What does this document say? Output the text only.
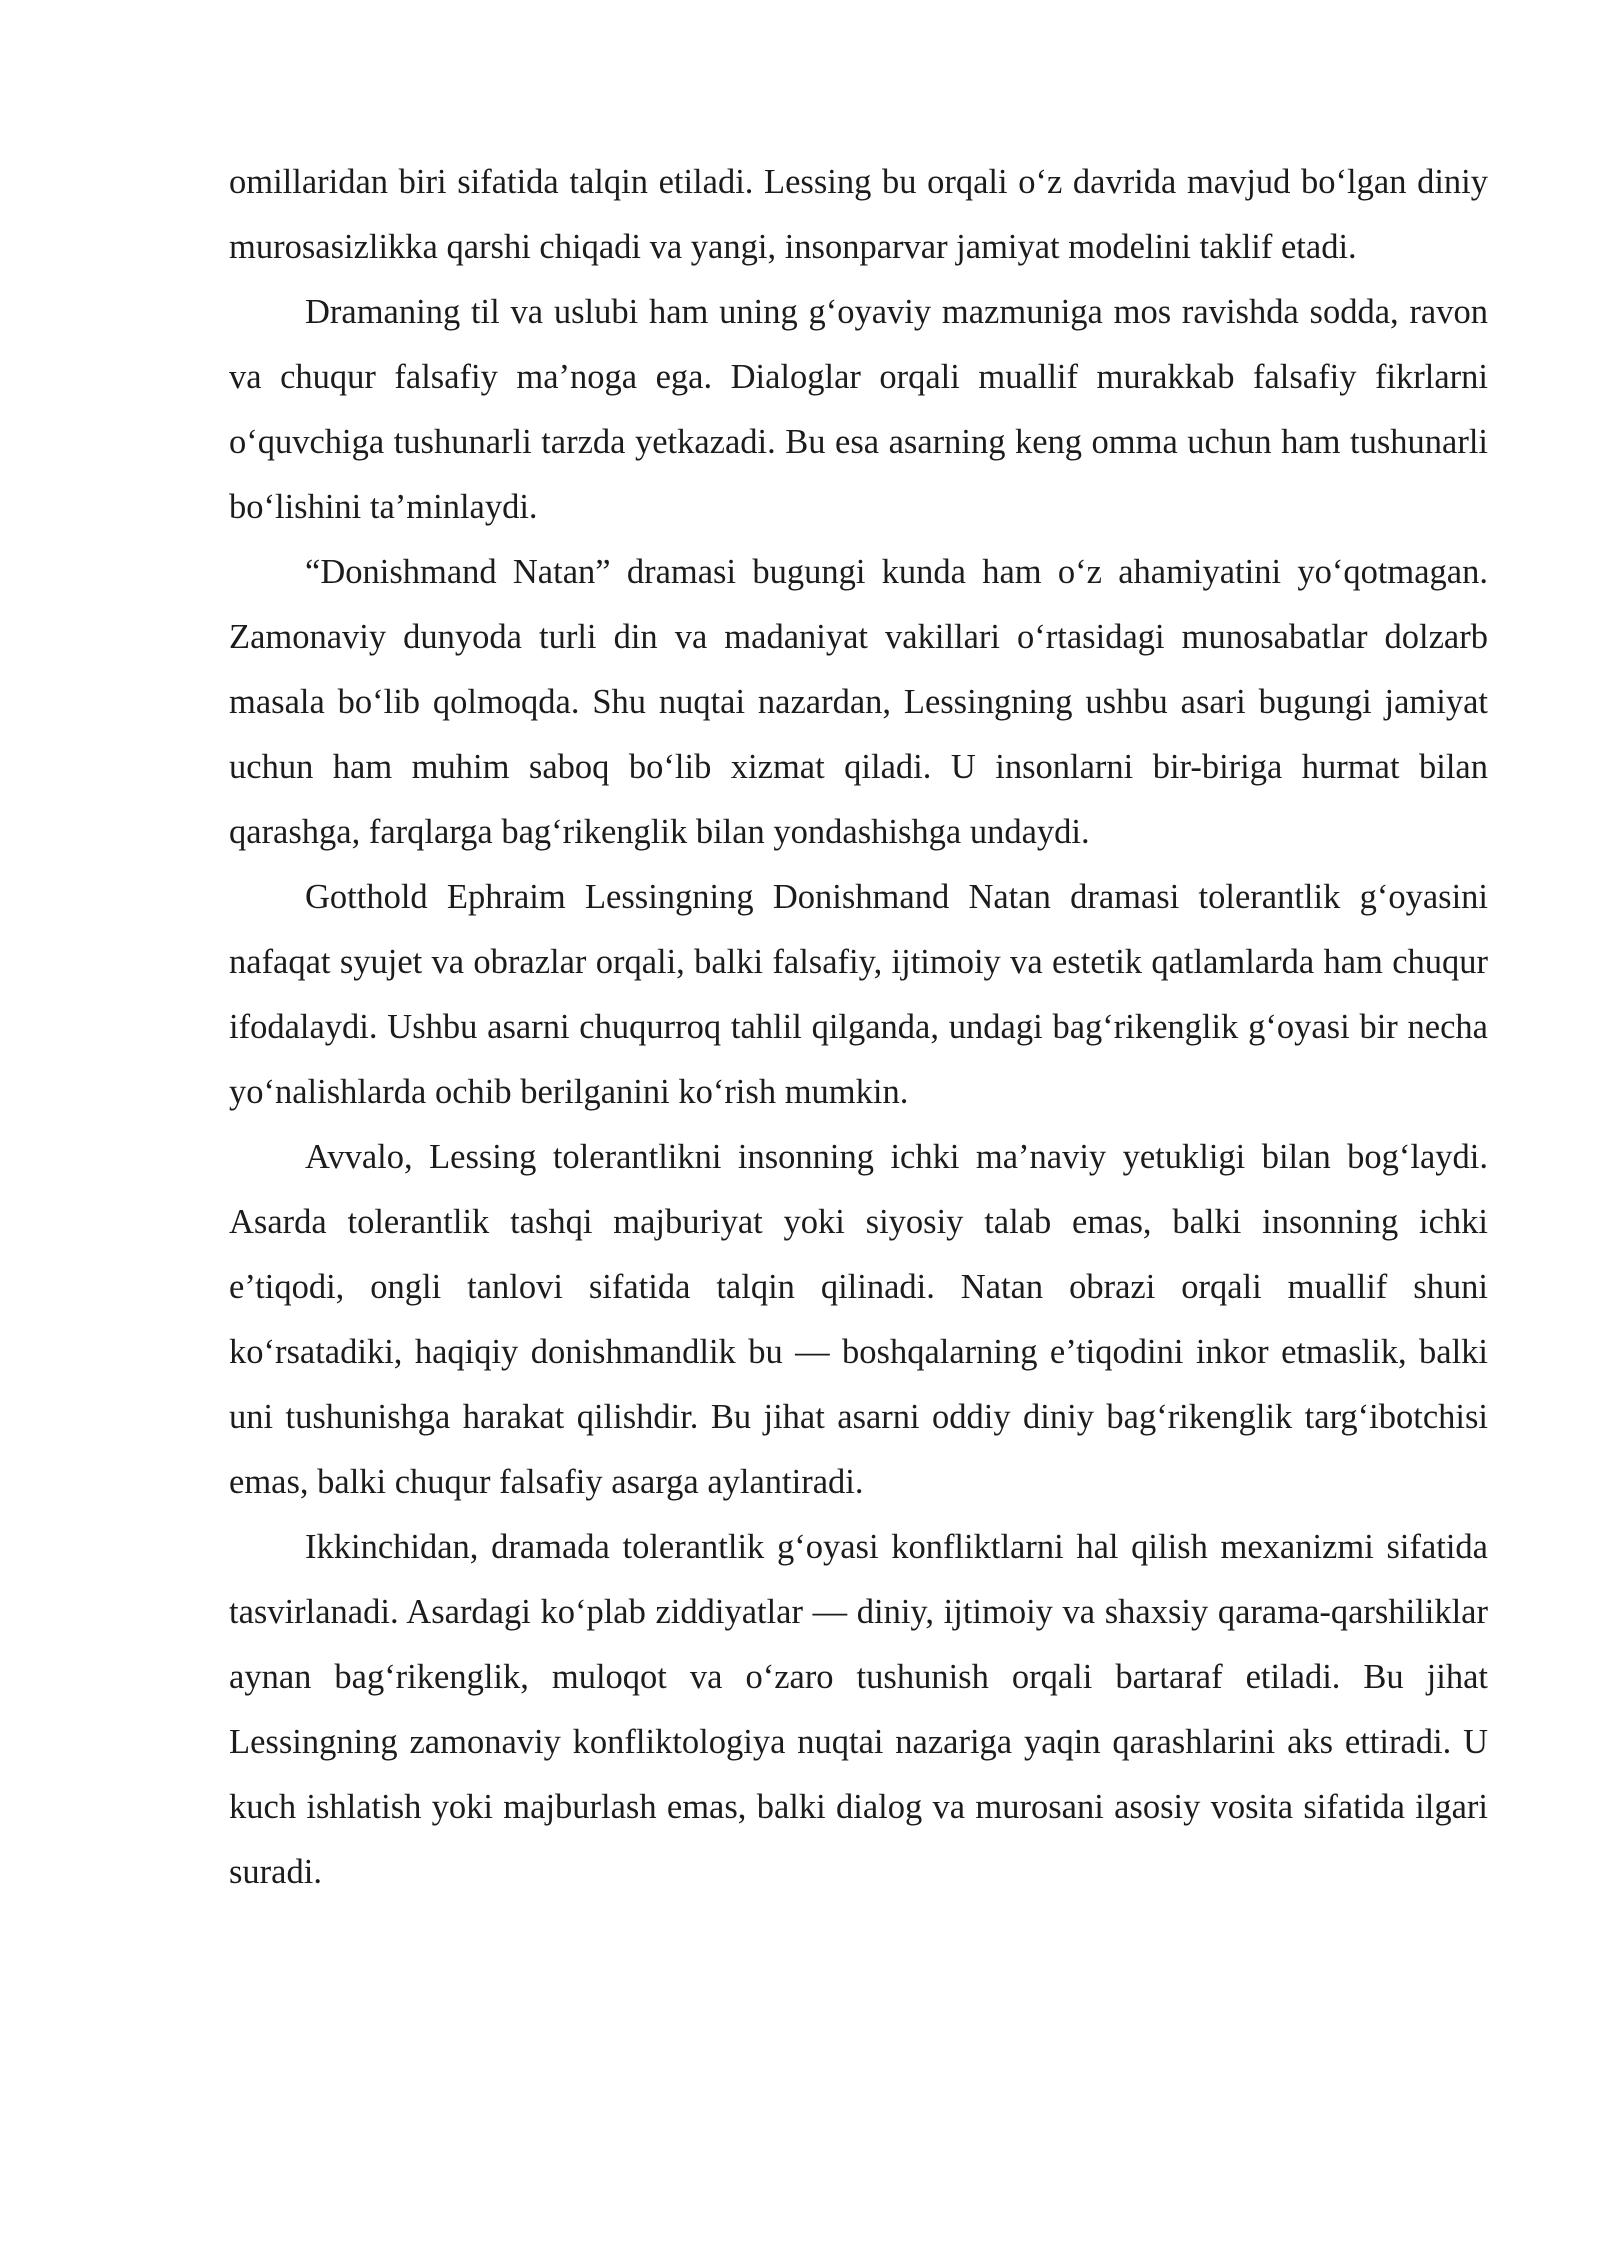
omillaridan biri sifatida talqin etiladi. Lessing bu orqali o‘z davrida mavjud bo‘lgan diniy murosasizlikka qarshi chiqadi va yangi, insonparvar jamiyat modelini taklif etadi.

Dramaning til va uslubi ham uning g‘oyaviy mazmuniga mos ravishda sodda, ravon va chuqur falsafiy ma’noga ega. Dialoglar orqali muallif murakkab falsafiy fikrlarni o‘quvchiga tushunarli tarzda yetkazadi. Bu esa asarning keng omma uchun ham tushunarli bo‘lishini ta’minlaydi.

“Donishmand Natan” dramasi bugungi kunda ham o‘z ahamiyatini yo‘qotmagan. Zamonaviy dunyoda turli din va madaniyat vakillari o‘rtasidagi munosabatlar dolzarb masala bo‘lib qolmoqda. Shu nuqtai nazardan, Lessingning ushbu asari bugungi jamiyat uchun ham muhim saboq bo‘lib xizmat qiladi. U insonlarni bir-biriga hurmat bilan qarashga, farqlarga bag‘rikenglik bilan yondashishga undaydi.

Gotthold Ephraim Lessingning Donishmand Natan dramasi tolerantlik g‘oyasini nafaqat syujet va obrazlar orqali, balki falsafiy, ijtimoiy va estetik qatlamlarda ham chuqur ifodalaydi. Ushbu asarni chuqurroq tahlil qilganda, undagi bag‘rikenglik g‘oyasi bir necha yo‘nalishlarda ochib berilganini ko‘rish mumkin.

Avvalo, Lessing tolerantlikni insonning ichki ma’naviy yetukligi bilan bog‘laydi. Asarda tolerantlik tashqi majburiyat yoki siyosiy talab emas, balki insonning ichki e’tiqodi, ongli tanlovi sifatida talqin qilinadi. Natan obrazi orqali muallif shuni ko‘rsatadiki, haqiqiy donishmandlik bu — boshqalarning e’tiqodini inkor etmaslik, balki uni tushunishga harakat qilishdir. Bu jihat asarni oddiy diniy bag‘rikenglik targ‘ibotchisi emas, balki chuqur falsafiy asarga aylantiradi.

Ikkinchidan, dramada tolerantlik g‘oyasi konfliktlarni hal qilish mexanizmi sifatida tasvirlanadi. Asardagi ko‘plab ziddiyatlar — diniy, ijtimoiy va shaxsiy qarama-qarshiliklar aynan bag‘rikenglik, muloqot va o‘zaro tushunish orqali bartaraf etiladi. Bu jihat Lessingning zamonaviy konfliktologiya nuqtai nazariga yaqin qarashlarini aks ettiradi. U kuch ishlatish yoki majburlash emas, balki dialog va murosani asosiy vosita sifatida ilgari suradi.
